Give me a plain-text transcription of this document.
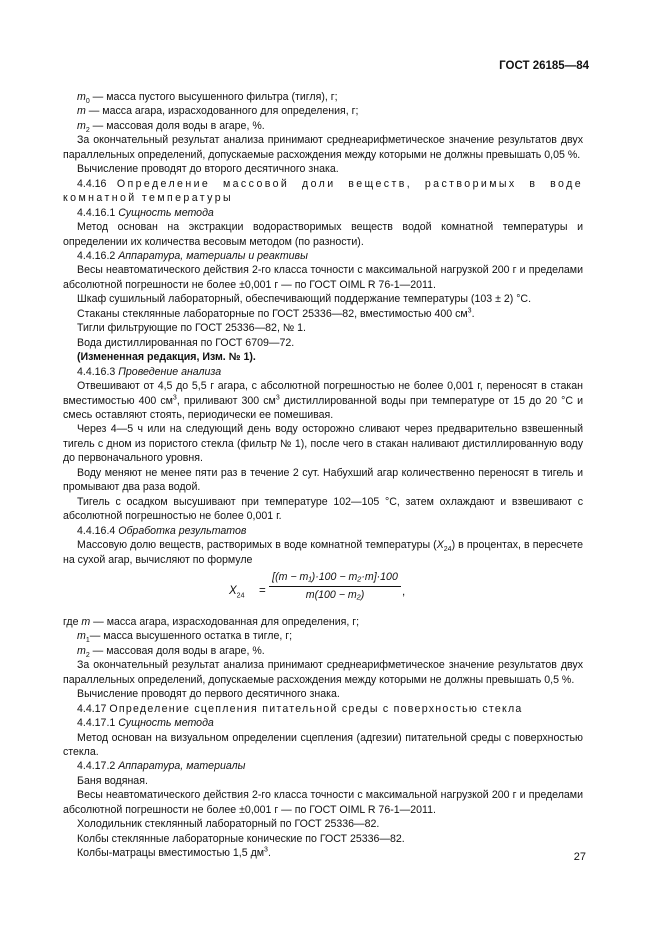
ГОСТ 26185—84

$m_0$ — масса пустого высушенного фильтра (тигля), г;

m — масса агара, израсходованного для определения, г;

$m_2$ — массовая доля воды в агаре, %.

За окончательный результат анализа принимают среднеарифметическое значение результатов двух параллельных определений, допускаемые расхождения между которыми не должны превышать 0,05 %.

Вычисление проводят до второго десятичного знака.

4.4.16 Определение массовой доли веществ, растворимых в воде комнатной температуры

4.4.16.1 Сущность метода

Метод основан на экстракции водорастворимых веществ водой комнатной температуры и определении их количества весовым методом (по разности).

4.4.16.2 Аппаратура, материалы и реактивы

Весы неавтоматического действия 2-го класса точности с максимальной нагрузкой 200 г и пределами абсолютной погрешности не более ±0,001 г — по ГОСТ OIML R 76-1—2011.

Шкаф сушильный лабораторный, обеспечивающий поддержание температуры (103 ± 2) °С.

Стаканы стеклянные лабораторные по ГОСТ 25336—82, вместимостью 400 $см^3$.

Тигли фильтрующие по ГОСТ 25336—82, № 1.

Вода дистиллированная по ГОСТ 6709—72.

(Измененная редакция, Изм. № 1).

4.4.16.3 Проведение анализа

Отвешивают от 4,5 до 5,5 г агара, с абсолютной погрешностью не более 0,001 г, переносят в стакан вместимостью 400 $см^3$, приливают 300 $см^3$ дистиллированной воды при температуре от 15 до 20 °С и смесь оставляют стоять, периодически ее помешивая.

Через 4—5 ч или на следующий день воду осторожно сливают через предварительно взвешенный тигель с дном из пористого стекла (фильтр № 1), после чего в стакан наливают дистиллированную воду до первоначального уровня.

Воду меняют не менее пяти раз в течение 2 сут. Набухший агар количественно переносят в тигель и промывают два раза водой.

Тигель с осадком высушивают при температуре 102—105 °С, затем охлаждают и взвешивают с абсолютной погрешностью не более 0,001 г.

4.4.16.4 Обработка результатов

Массовую долю веществ, растворимых в воде комнатной температуры $(X_{24})$ в процентах, в пересчете на сухой агар, вычисляют по формуле

$X_{24}$ =
[(m − m₁)·100 − m₂·m]·100
m(100 − m₂)	,

где m — масса агара, израсходованная для определения, г;

$m_1—$ масса высушенного остатка в тигле, г;

$m_2$ — массовая доля воды в агаре, %.

За окончательный результат анализа принимают среднеарифметическое значение результатов двух параллельных определений, допускаемые расхождения между которыми не должны превышать 0,5 %.

Вычисление проводят до первого десятичного знака.

4.4.17 Определение сцепления питательной среды с поверхностью стекла

4.4.17.1 Сущность метода

Метод основан на визуальном определении сцепления (адгезии) питательной среды с поверхностью стекла.

4.4.17.2 Аппаратура, материалы

Баня водяная.

Весы неавтоматического действия 2-го класса точности с максимальной нагрузкой 200 г и пределами абсолютной погрешности не более ±0,001 г — по ГОСТ OIML R 76-1—2011.

Холодильник стеклянный лабораторный по ГОСТ 25336—82.

Колбы стеклянные лабораторные конические по ГОСТ 25336—82.

Колбы-матрацы вместимостью 1,5 $дм^3$.	27
